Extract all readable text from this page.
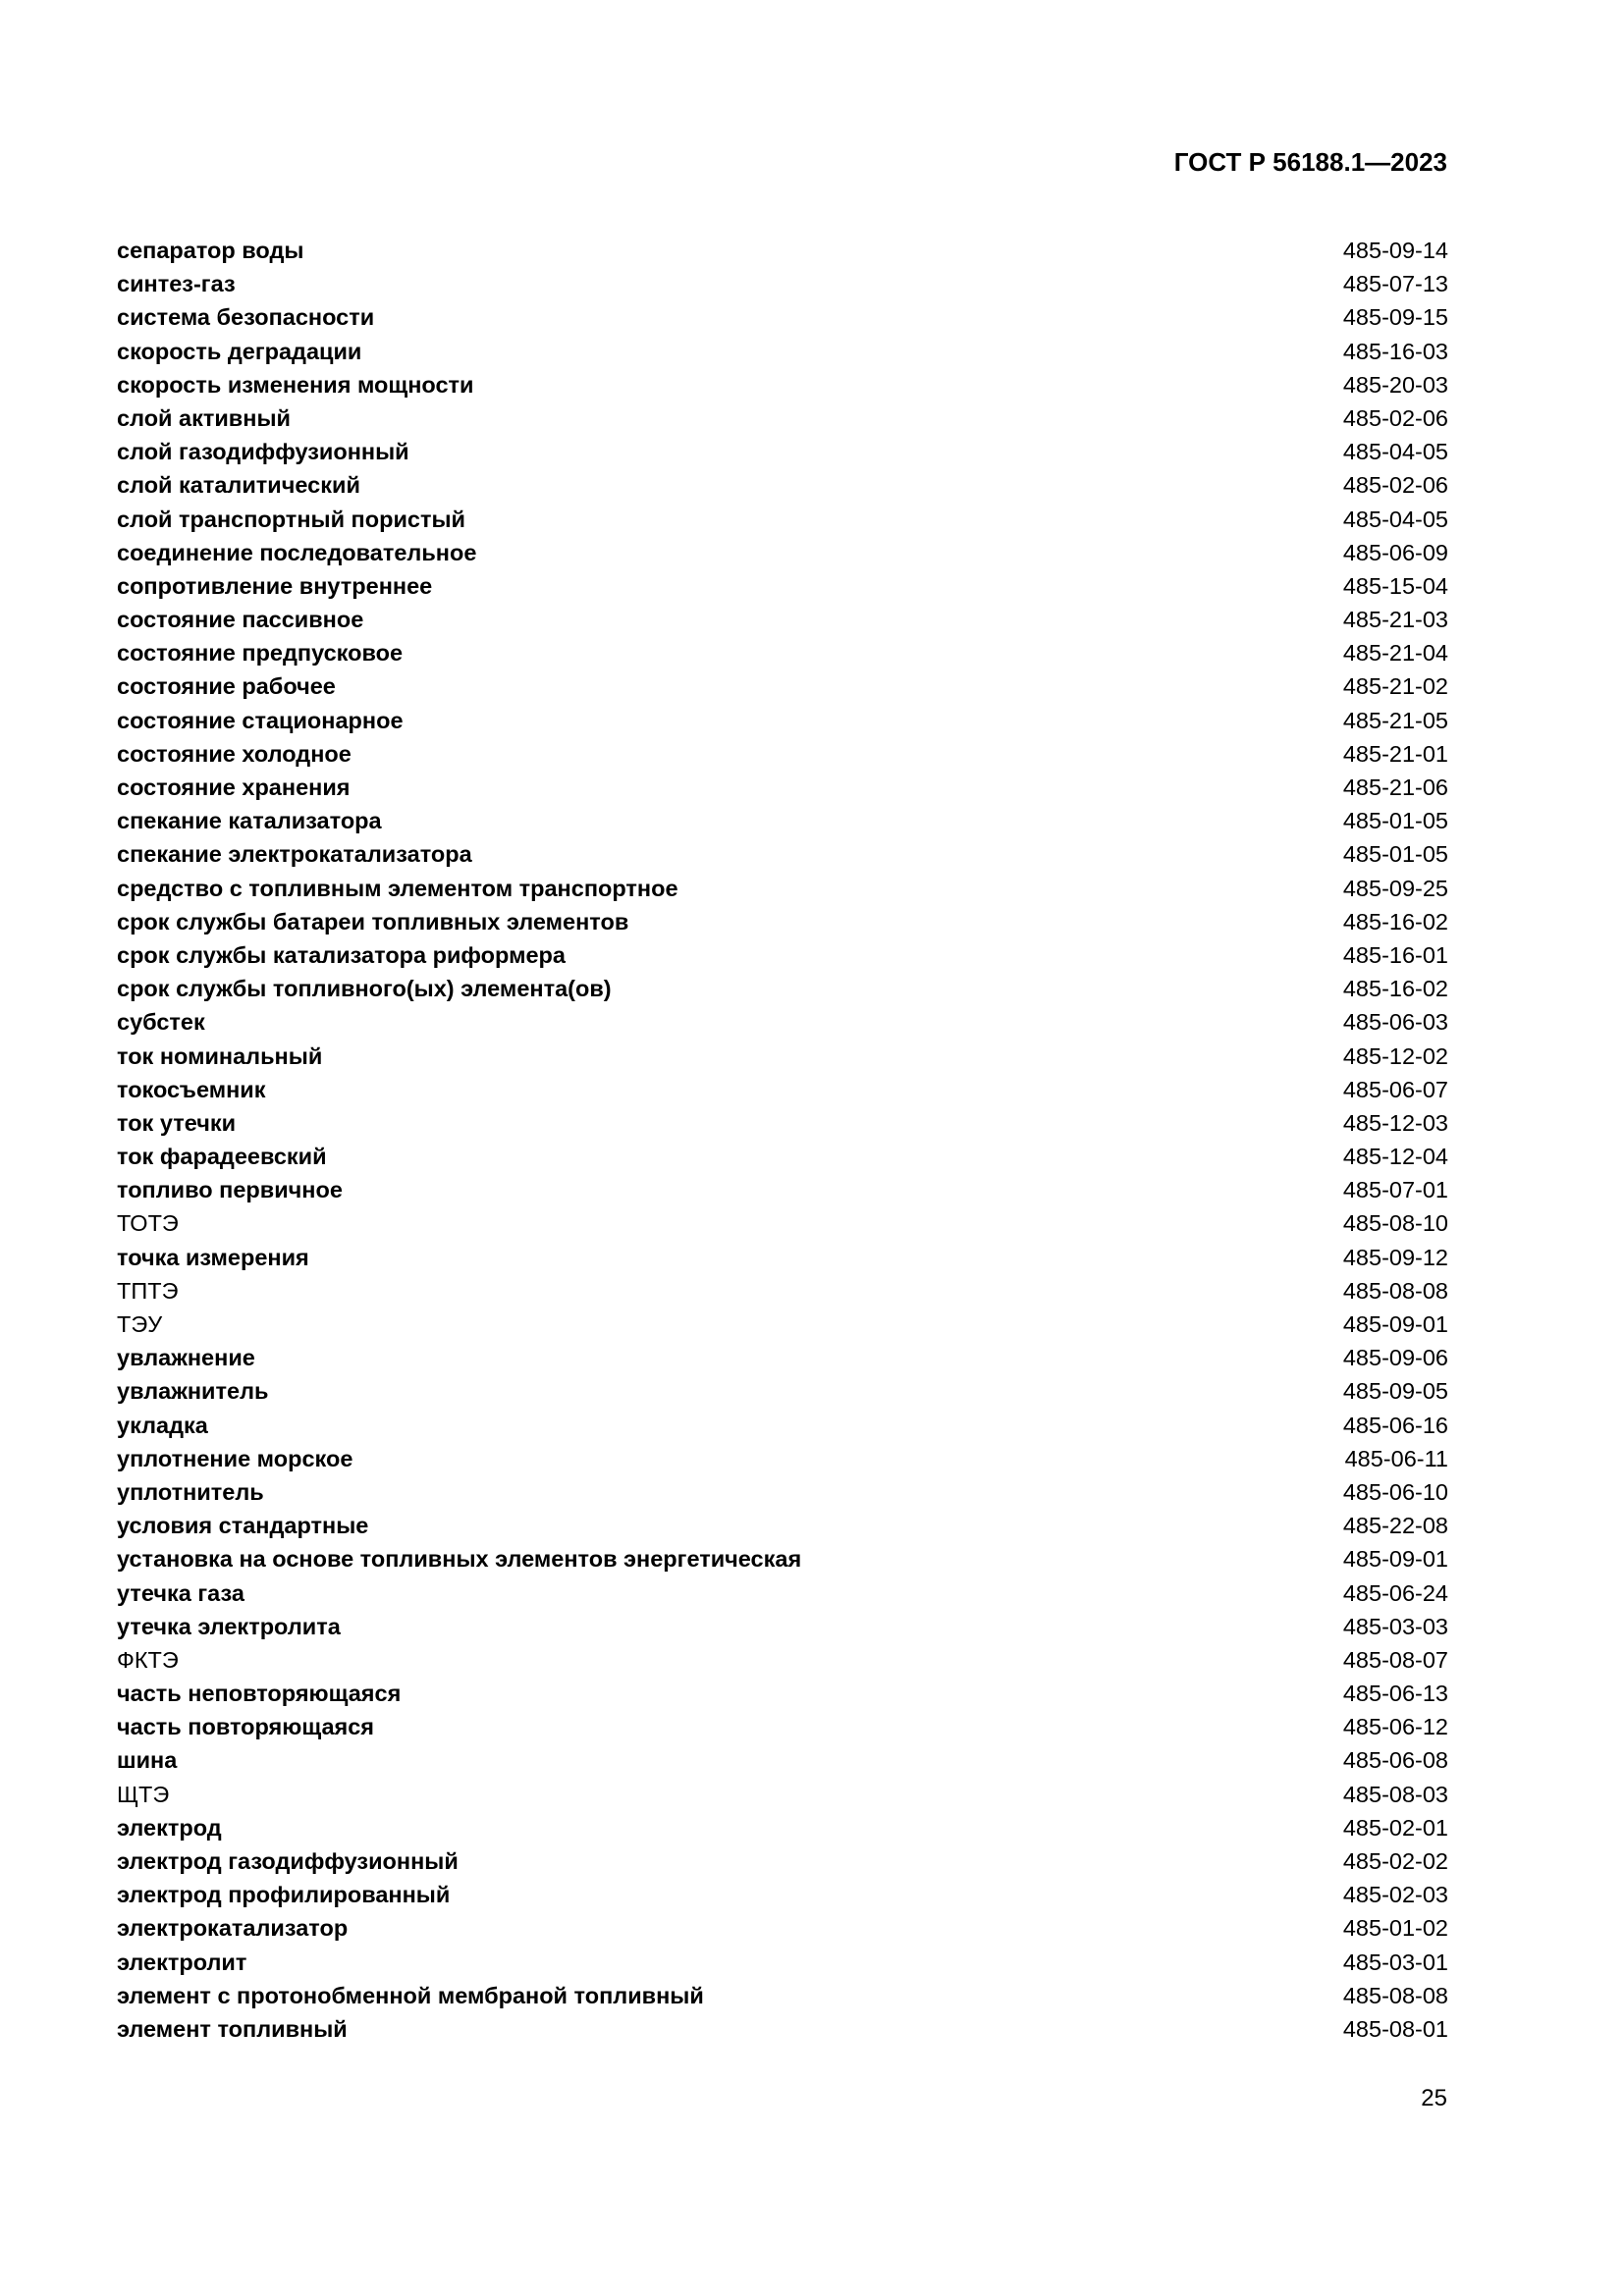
ГОСТ Р 56188.1—2023
сепаратор воды	485-09-14
синтез-газ	485-07-13
система безопасности	485-09-15
скорость деградации	485-16-03
скорость изменения мощности	485-20-03
слой активный	485-02-06
слой газодиффузионный	485-04-05
слой каталитический	485-02-06
слой транспортный пористый	485-04-05
соединение последовательное	485-06-09
сопротивление внутреннее	485-15-04
состояние пассивное	485-21-03
состояние предпусковое	485-21-04
состояние рабочее	485-21-02
состояние стационарное	485-21-05
состояние холодное	485-21-01
состояние хранения	485-21-06
спекание катализатора	485-01-05
спекание электрокатализатора	485-01-05
средство с топливным элементом транспортное	485-09-25
срок службы батареи топливных элементов	485-16-02
срок службы катализатора риформера	485-16-01
срок службы топливного(ых) элемента(ов)	485-16-02
субстек	485-06-03
ток номинальный	485-12-02
токосъемник	485-06-07
ток утечки	485-12-03
ток фарадеевский	485-12-04
топливо первичное	485-07-01
ТОТЭ	485-08-10
точка измерения	485-09-12
ТПТЭ	485-08-08
ТЭУ	485-09-01
увлажнение	485-09-06
увлажнитель	485-09-05
укладка	485-06-16
уплотнение морское	485-06-11
уплотнитель	485-06-10
условия стандартные	485-22-08
установка на основе топливных элементов энергетическая	485-09-01
утечка газа	485-06-24
утечка электролита	485-03-03
ФКТЭ	485-08-07
часть неповторяющаяся	485-06-13
часть повторяющаяся	485-06-12
шина	485-06-08
ЩТЭ	485-08-03
электрод	485-02-01
электрод газодиффузионный	485-02-02
электрод профилированный	485-02-03
электрокатализатор	485-01-02
электролит	485-03-01
элемент с протонобменной мембраной топливный	485-08-08
элемент топливный	485-08-01
25
